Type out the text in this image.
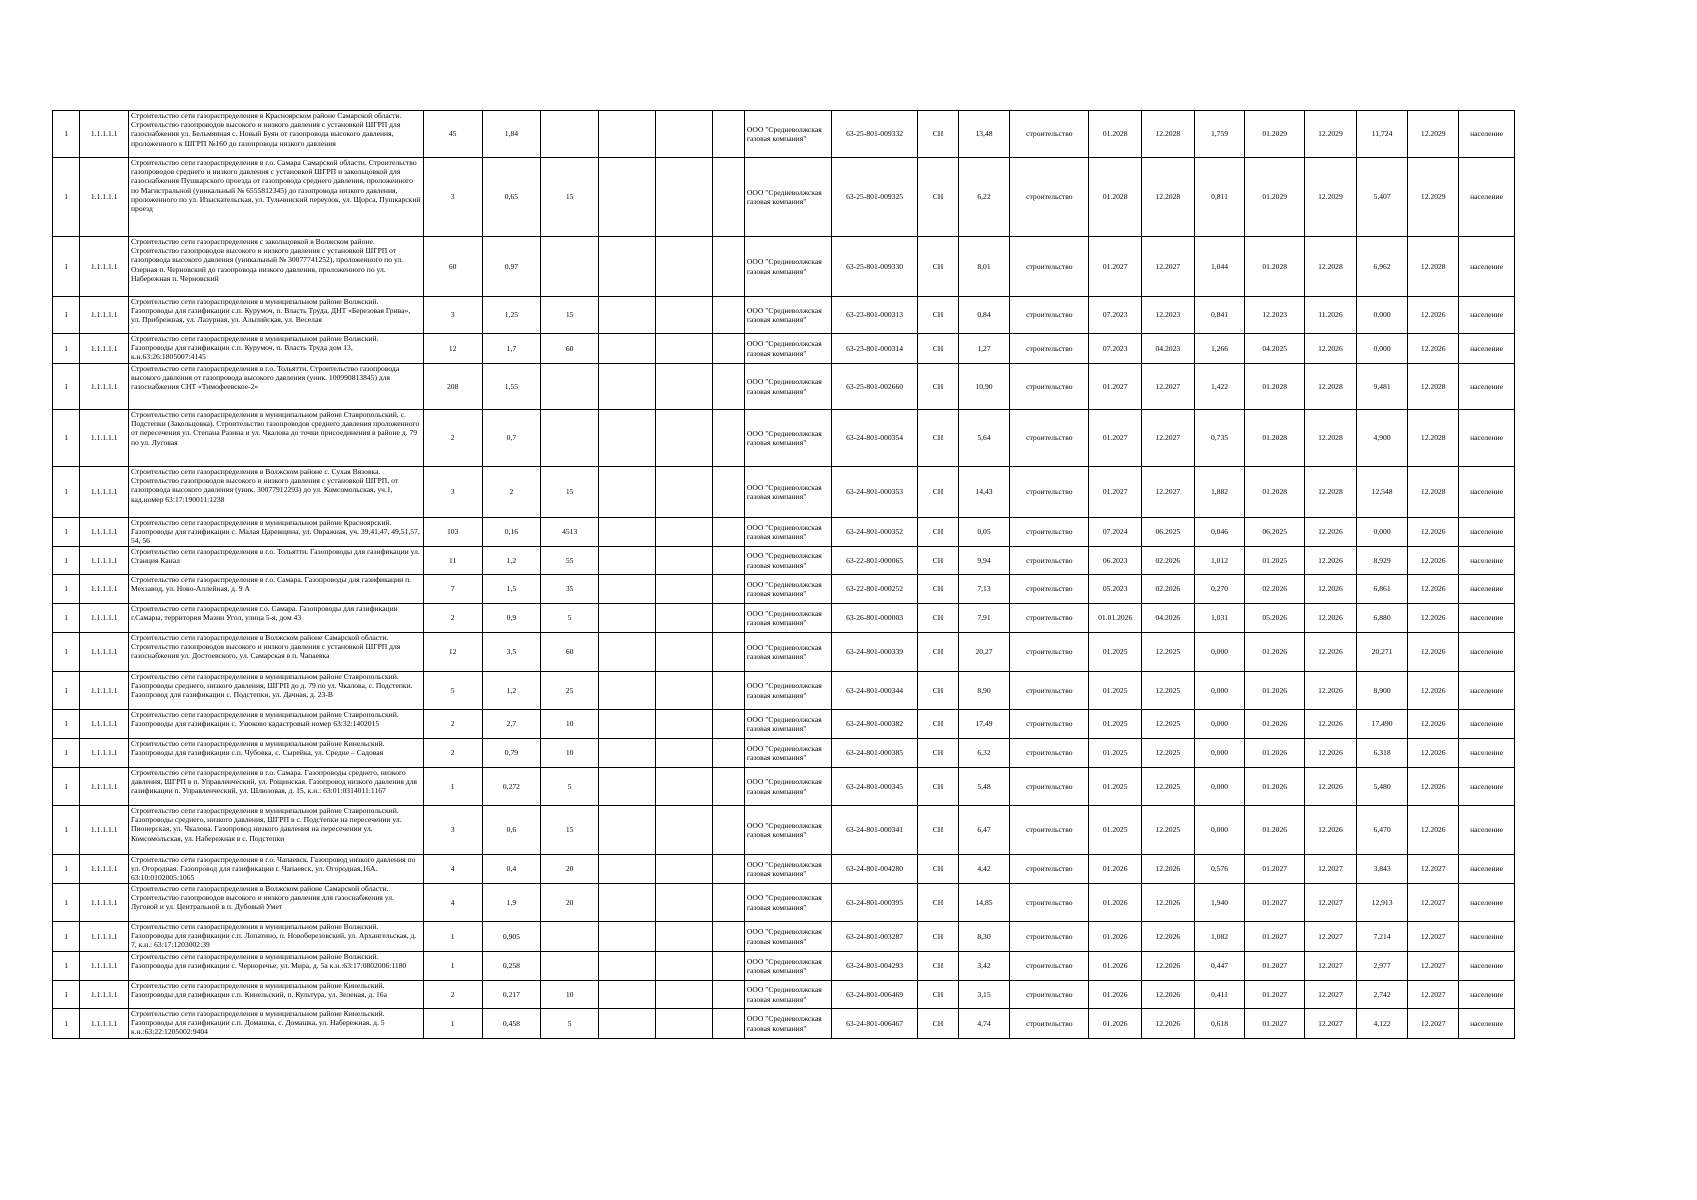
1	1.1.1.1.1	Строительство сети газораспределения в Красноярском районе Самарской области. Строительство газопроводов высокого и низкого давления с установкой ШГРП для газоснабжения ул. Бельмяиная с. Новый Буян от газопровода высокого давления, проложенного к ШГРП №160 до газопровода низкого давления	45	1,84					ООО "Средневолжская газовая компания"	63-25-801-009332	СН	13,48	строительство	01.2028	12.2028	1,759	01.2029	12.2029	11,724	12.2029	население
1	1.1.1.1.1	Строительство сети газораспределения в г.о. Самара Самарской области. Строительство газопроводов среднего и низкого давления с установкой ШГРП и закольцовкой для газоснабжения Пушкарского проезда от газопровода среднего давления, проложенного по Магистральной (уникальный № 6555812345) до газопровода низкого давления, проложенного по ул. Изыскательская, ул. Тульчинский переулок, ул. Щорса, Пушкарский проезд	3	0,65	15				ООО "Средневолжская газовая компания"	63-25-801-009325	СН	6,22	строительство	01.2028	12.2028	0,811	01.2029	12.2029	5,407	12.2029	население
1	1.1.1.1.1	Строительство сети газораспределения с закольцовкой в Волжском районе. Строительство газопроводов высокого и низкого давления с установкой ШГРП от газопровода высокого давления (уникальный № 30077741252), проложенного по ул. Озерная п. Черновский до газопровода низкого давления, проложенного по ул. Набережная п. Черновский	60	0,97					ООО "Средневолжская газовая компания"	63-25-801-009330	СН	8,01	строительство	01.2027	12.2027	1,044	01.2028	12.2028	6,962	12.2028	население
1	1.1.1.1.1	Строительство сети газораспределения в муниципальном районе Волжский. Газопроводы для газификации с.п. Курумоч, п. Власть Труда, ДНТ «Березовая Грива», ул. Прибрежная, ул. Лазурная, ул. Альпийская, ул. Веселая	3	1,25	15				ООО "Средневолжская газовая компания"	63-23-801-000313	СН	0,84	строительство	07.2023	12.2023	0,841	12.2023	11.2026	0,000	12.2026	население
1	1.1.1.1.1	Строительство сети газораспределения в муниципальном районе Волжский. Газопроводы для газификации с.п. Курумоч, п. Власть Труда дом 13, к.н.63:26:1805007:4145	12	1,7	60				ООО "Средневолжская газовая компания"	63-23-801-000314	СН	1,27	строительство	07.2023	04.2023	1,266	04.2025	12.2026	0,000	12.2026	население
1	1.1.1.1.1	Строительство сети газораспределения в г.о. Тольятти. Строительство газопровода высокого давления от газопровода высокого давления (уник. 100990813845) для газоснабжения СНТ «Тимофеевское-2»	208	1,55					ООО "Средневолжская газовая компания"	63-25-801-002660	СН	10,90	строительство	01.2027	12.2027	1,422	01.2028	12.2028	9,481	12.2028	население
1	1.1.1.1.1	Строительство сети газораспределения в муниципальном районе Ставропольский, с. Подстепки (Закольцовка). Строительство газопроводов среднего давления проложенного от пересечения ул. Степана Разина и ул. Чкалова до точки присоединения в районе д. 79 по ул. Луговая	2	0,7					ООО "Средневолжская газовая компания"	63-24-801-000354	СН	5,64	строительство	01.2027	12.2027	0,735	01.2028	12.2028	4,900	12.2028	население
1	1.1.1.1.1	Строительство сети газораспределения в Волжском районе с. Сухая Вязовка. Строительство газопроводов высокого и низкого давления с установкой ШГРП, от газопровода высокого давления (уник. 30077912293) до ул. Комсомольская, уч.1, кад.номер 63:17:190011:1238	3	2	15				ООО "Средневолжская газовая компания"	63-24-801-000353	СН	14,43	строительство	01.2027	12.2027	1,882	01.2028	12.2028	12,548	12.2028	население
1	1.1.1.1.1	Строительство сети газораспределения в муниципальном районе Красноярский. Газопроводы для газификации с. Малая Царевщина, ул. Овражная, уч. 39,41,47, 49,51,57, 54, 56	103	0,16	4513				ООО "Средневолжская газовая компания"	63-24-801-000352	СН	0,05	строительство	07.2024	06.2025	0,046	06.2025	12.2026	0,000	12.2026	население
1	1.1.1.1.1	Строительство сети газораспределения в г.о. Тольятти. Газопроводы для газификации ул. Станция Канал	11	1,2	55				ООО "Средневолжская газовая компания"	63-22-801-000065	СН	9,94	строительство	06.2023	02.2026	1,012	01.2025	12.2026	8,929	12.2026	население
1	1.1.1.1.1	Строительство сети газораспределения в г.о. Самара. Газопроводы для газификации п. Мехзавод, ул. Ново-Аллейная, д. 9 А	7	1,5	35				ООО "Средневолжская газовая компания"	63-22-801-000252	СН	7,13	строительство	05.2023	02.2026	0,270	02.2026	12.2026	6,861	12.2026	население
1	1.1.1.1.1	Строительство сети газораспределения г.о. Самара. Газопроводы для газификации г.Самары, территория Мазин Угол, улица 5-я, дом 43	2	0,9	5				ООО "Средневолжская газовая компания"	63-26-801-000003	СН	7,91	строительство	01.01.2026	04.2026	1,031	05.2026	12.2026	6,880	12.2026	население
1	1.1.1.1.1	Строительство сети газораспределения в Волжском районе Самарской области. Строительство газопроводов высокого и низкого давления с установкой ШГРП для газоснабжения ул. Достоевского, ул. Самарская в п. Чапаевка	12	3,5	60				ООО "Средневолжская газовая компания"	63-24-801-000339	СН	20,27	строительство	01.2025	12.2025	0,000	01.2026	12.2026	20,271	12.2026	население
1	1.1.1.1.1	Строительство сети газораспределения в муниципальном районе Ставропольский. Газопроводы среднего, низкого давления, ШГРП до д. 79 по ул. Чкалова, с. Подстепки. Газопровод для газификации с. Подстепки, ул. Дачная, д. 23-В	5	1,2	25				ООО "Средневолжская газовая компания"	63-24-801-000344	СН	8,90	строительство	01.2025	12.2025	0,000	01.2026	12.2026	8,900	12.2026	население
1	1.1.1.1.1	Строительство сети газораспределения в муниципальном районе Ставропольский. Газопроводы для газификации с. Узюково кадастровый номер 63:32:1402015	2	2,7	10				ООО "Средневолжская газовая компания"	63-24-801-000382	СН	17,49	строительство	01.2025	12.2025	0,000	01.2026	12.2026	17,490	12.2026	население
1	1.1.1.1.1	Строительство сети газораспределения в муниципальном районе Кинельский. Газопроводы для газификации с.п. Чубовка, с. Сырейка, ул. Средне – Садовая	2	0,79	10				ООО "Средневолжская газовая компания"	63-24-801-000385	СН	6,32	строительство	01.2025	12.2025	0,000	01.2026	12.2026	6,318	12.2026	население
1	1.1.1.1.1	Строительство сети газораспределения в г.о. Самара. Газопроводы среднего, низкого давления, ШГРП в п. Управленческий, ул. Рощинская. Газопровод низкого давления для газификации п. Управленческий, ул. Шлюзовая, д. 15, к.н.: 63:01:0314011:1167	1	0,272	5				ООО "Средневолжская газовая компания"	63-24-801-000345	СН	5,48	строительство	01.2025	12.2025	0,000	01.2026	12.2026	5,480	12.2026	население
1	1.1.1.1.1	Строительство сети газораспределения в муниципальном районе Ставропольский. Газопроводы среднего, низкого давления, ШГРП в с. Подстепки на пересечении ул. Пионерская, ул. Чкалова. Газопровод низкого давления на пересечении ул. Комсомольская, ул. Набережная в с. Подстепки	3	0,6	15				ООО "Средневолжская газовая компания"	63-24-801-000341	СН	6,47	строительство	01.2025	12.2025	0,000	01.2026	12.2026	6,470	12.2026	население
1	1.1.1.1.1	Строительство сети газораспределения в г.о. Чапаевск. Газопровод низкого давления по ул. Огородная. Газопровод для газификации г. Чапаевск, ул. Огородная,16А. 63:10:0102005:1065	4	0,4	20				ООО "Средневолжская газовая компания"	63-24-801-004280	СН	4,42	строительство	01.2026	12.2026	0,576	01.2027	12.2027	3,843	12.2027	население
1	1.1.1.1.1	Строительство сети газораспределения в Волжском районе Самарской области. Строительство газопроводов высокого и низкого давления для газоснабжения ул. Луговой и ул. Центральной в п. Дубовый Умет	4	1,9	20				ООО "Средневолжская газовая компания"	63-24-801-000395	СН	14,85	строительство	01.2026	12.2026	1,940	01.2027	12.2027	12,913	12.2027	население
1	1.1.1.1.1	Строительство сети газораспределения в муниципальном районе Волжский. Газопроводы для газификации с.п. Лопатино, п. Новоберезовский, ул. Архангельская, д. 7, к.н.: 63:17:1203002:39	1	0,905					ООО "Средневолжская газовая компания"	63-24-801-003287	СН	8,30	строительство	01.2026	12.2026	1,082	01.2027	12.2027	7,214	12.2027	население
1	1.1.1.1.1	Строительство сети газораспределения в муниципальном районе Волжский. Газопроводы для газификации с. Черноречье, ул. Мира, д. 5а к.н.:63:17:0802006:1180	1	0,258					ООО "Средневолжская газовая компания"	63-24-801-004293	СН	3,42	строительство	01.2026	12.2026	0,447	01.2027	12.2027	2,977	12.2027	население
1	1.1.1.1.1	Строительство сети газораспределения в муниципальном районе Кинельский. Газопроводы для газификации с.п. Кинельский, п. Культура, ул. Зеленая, д. 16а	2	0,217	10				ООО "Средневолжская газовая компания"	63-24-801-006469	СН	3,15	строительство	01.2026	12.2026	0,411	01.2027	12.2027	2,742	12.2027	население
1	1.1.1.1.1	Строительство сети газораспределения в муниципальном районе Кинельский. Газопроводы для газификации с.п. Домашка, с. Домашка, ул. Набережная, д. 5 к.н.:63:22:1205002:9404	1	0,458	5				ООО "Средневолжская газовая компания"	63-24-801-006467	СН	4,74	строительство	01.2026	12.2026	0,618	01.2027	12.2027	4,122	12.2027	население
